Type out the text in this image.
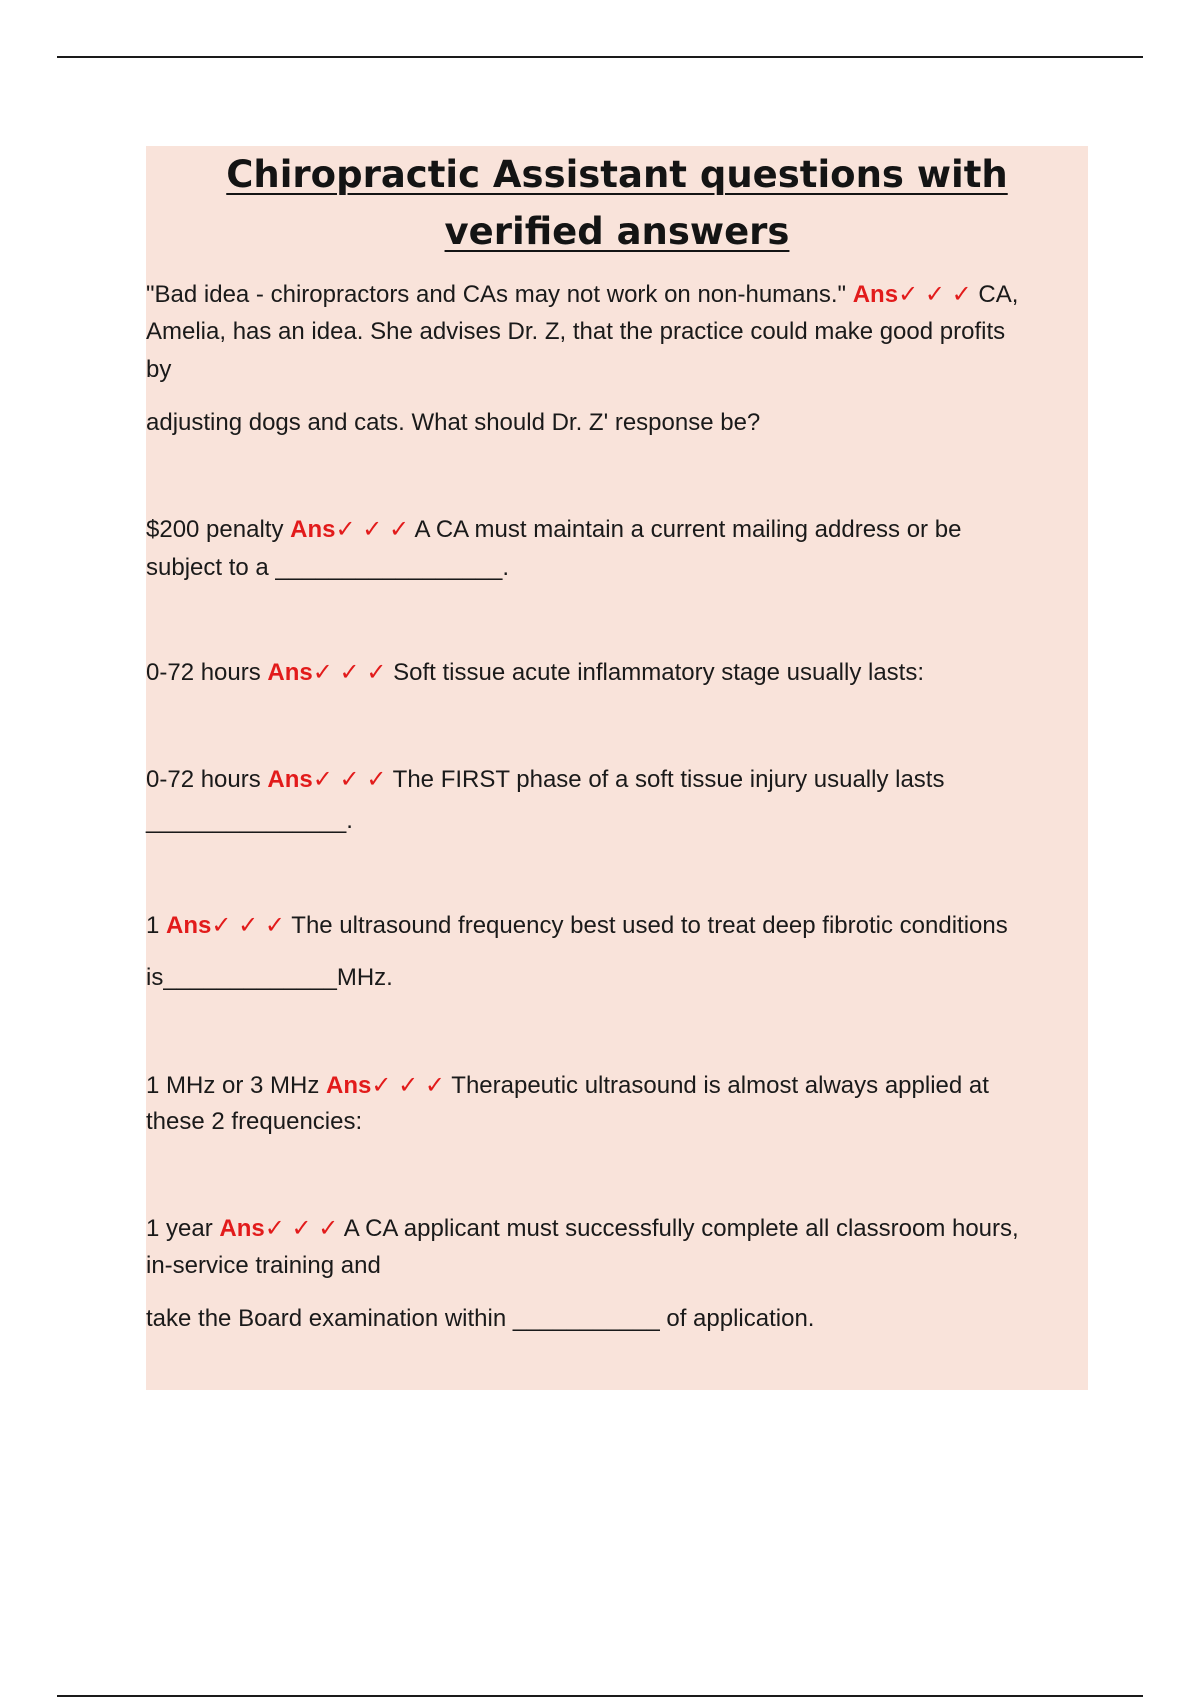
Chiropractic Assistant questions with verified answers

"Bad idea - chiropractors and CAs may not work on non-humans." Ans✓ ✓ ✓ CA,

Amelia, has an idea. She advises Dr. Z, that the practice could make good profits

by

adjusting dogs and cats. What should Dr. Z' response be?

$200 penalty Ans✓ ✓ ✓ A CA must maintain a current mailing address or be

subject to a _________________.

0-72 hours Ans✓ ✓ ✓ Soft tissue acute inflammatory stage usually lasts:

0-72 hours Ans✓ ✓ ✓ The FIRST phase of a soft tissue injury usually lasts

_______________.

1 Ans✓ ✓ ✓ The ultrasound frequency best used to treat deep fibrotic conditions

is_____________MHz.

1 MHz or 3 MHz Ans✓ ✓ ✓ Therapeutic ultrasound is almost always applied at

these 2 frequencies:

1 year Ans✓ ✓ ✓ A CA applicant must successfully complete all classroom hours,

in-service training and

take the Board examination within ___________ of application.
